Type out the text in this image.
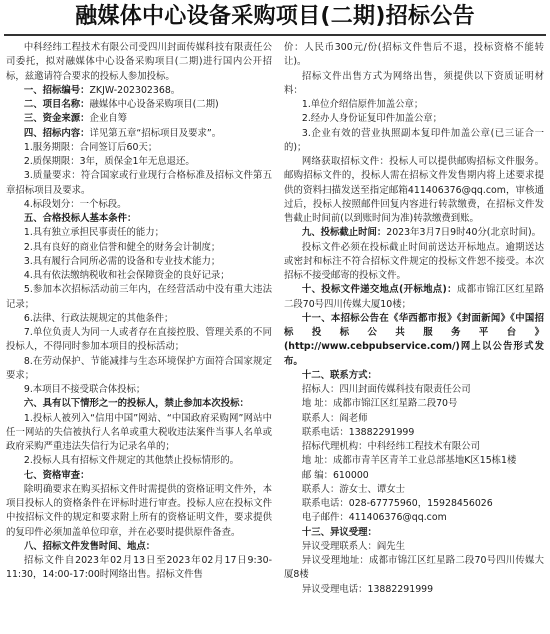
融媒体中心设备采购项目(二期)招标公告

中科经纬工程技术有限公司受四川封面传媒科技有限责任公司委托，拟对融媒体中心设备采购项目(二期)进行国内公开招标，兹邀请符合要求的投标人参加投标。

一、招标编号：ZKJW-202302368。

二、项目名称：融媒体中心设备采购项目(二期)

三、资金来源：企业自筹

四、招标内容：详见第五章“招标项目及要求”。

1.服务期限：合同签订后60天；

2.质保期限：3年，质保金1年无息退还。

3.质量要求：符合国家或行业现行合格标准及招标文件第五章招标项目及要求。

4.标段划分：一个标段。

五、合格投标人基本条件：

1.具有独立承担民事责任的能力；

2.具有良好的商业信誉和健全的财务会计制度；

3.具有履行合同所必需的设备和专业技术能力；

4.具有依法缴纳税收和社会保障资金的良好记录；

5.参加本次招标活动前三年内，在经营活动中没有重大违法记录；

6.法律、行政法规规定的其他条件；

7.单位负责人为同一人或者存在直接控股、管理关系的不同投标人，不得同时参加本项目的投标活动；

8.在劳动保护、节能减排与生态环境保护方面符合国家规定要求；

9.本项目不接受联合体投标；

六、具有以下情形之一的投标人，禁止参加本次投标：

1.投标人被列入“信用中国”网站、“中国政府采购网”网站中任一网站的失信被执行人名单或重大税收违法案件当事人名单或政府采购严重违法失信行为记录名单的；

2.投标人具有招标文件规定的其他禁止投标情形的。

七、资格审查：

除明确要求在购买招标文件时需提供的资格证明文件外，本项目投标人的资格条件在评标时进行审查。投标人应在投标文件中按招标文件的规定和要求附上所有的资格证明文件，要求提供的复印件必须加盖单位印章，并在必要时提供原件备查。

八、招标文件发售时间、地点：

招标文件自2023年02月13日至2023年02月17日9:30-11:30，14:00-17:00时网络出售。招标文件售

价：人民币300元/份(招标文件售后不退，投标资格不能转让)。

招标文件出售方式为网络出售，须提供以下资质证明材料：

1.单位介绍信原件加盖公章；

2.经办人身份证复印件加盖公章；

3.企业有效的营业执照副本复印件加盖公章(已三证合一的)；

网络获取招标文件：投标人可以提供邮购招标文件服务。邮购招标文件的，投标人需在招标文件发售期内将上述要求提供的资料扫描发送至指定邮箱411406376@qq.com，审核通过后，投标人按照邮件回复内容进行转款缴费，在招标文件发售截止时间前(以到账时间为准)转款缴费到账。

九、投标截止时间：2023年3月7日9时40分(北京时间)。

投标文件必须在投标截止时间前送达开标地点。逾期送达或密封和标注不符合招标文件规定的投标文件恕不接受。本次招标不接受邮寄的投标文件。

十、投标文件递交地点(开标地点)：成都市锦江区红星路二段70号四川传媒大厦10楼；

十一、本招标公告在《华西都市报》《封面新闻》《中国招标投标公共服务平台》(http://www.cebpubservice.com/)网上以公告形式发布。

十二、联系方式：

招标人：四川封面传媒科技有限责任公司

地 址：成都市锦江区红星路二段70号

联系人：阎老师

联系电话：13882291999

招标代理机构：中科经纬工程技术有限公司

地 址：成都市青羊区青羊工业总部基地K区15栋1楼

邮 编：610000

联系人：游女士、谭女士

联系电话：028-67775960，15928456026

电子邮件：411406376@qq.com

十三、异议受理：

异议受理联系人：阎先生

异议受理地址：成都市锦江区红星路二段70号四川传媒大厦8楼

异议受理电话：13882291999
